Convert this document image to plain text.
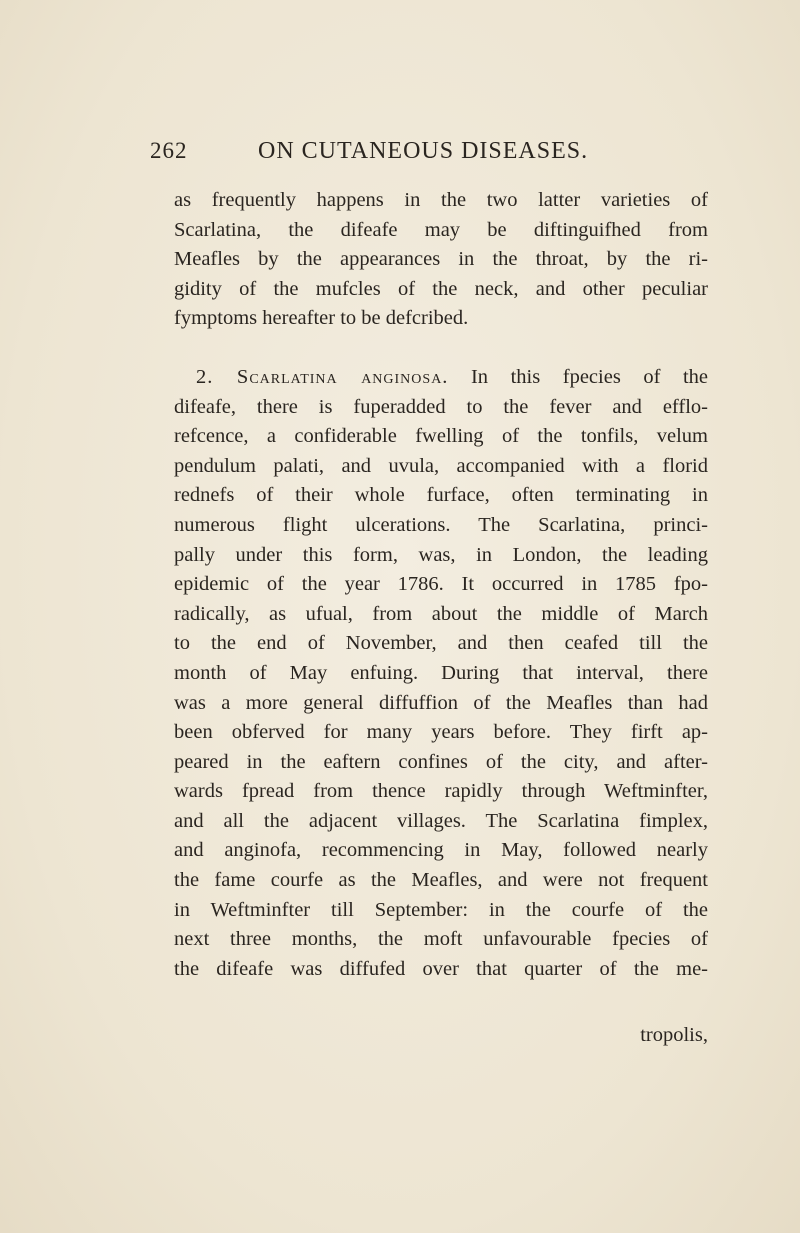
262	ON CUTANEOUS DISEASES.
as frequently happens in the two latter varieties of
Scarlatina, the difeafe may be diftinguifhed from
Meafles by the appearances in the throat, by the ri-
gidity of the mufcles of the neck, and other peculiar
fymptoms hereafter to be defcribed.
2. Scarlatina anginosa. In this fpecies of the
difeafe, there is fuperadded to the fever and efflo-
refcence, a confiderable fwelling of the tonfils, velum
pendulum palati, and uvula, accompanied with a florid
rednefs of their whole furface, often terminating in
numerous flight ulcerations. The Scarlatina, princi-
pally under this form, was, in London, the leading
epidemic of the year 1786. It occurred in 1785 fpo-
radically, as ufual, from about the middle of March
to the end of November, and then ceafed till the
month of May enfuing. During that interval, there
was a more general diffuffion of the Meafles than had
been obferved for many years before. They firft ap-
peared in the eaftern confines of the city, and after-
wards fpread from thence rapidly through Weftminfter,
and all the adjacent villages. The Scarlatina fimplex,
and anginofa, recommencing in May, followed nearly
the fame courfe as the Meafles, and were not frequent
in Weftminfter till September: in the courfe of the
next three months, the moft unfavourable fpecies of
the difeafe was diffufed over that quarter of the me-
tropolis,
